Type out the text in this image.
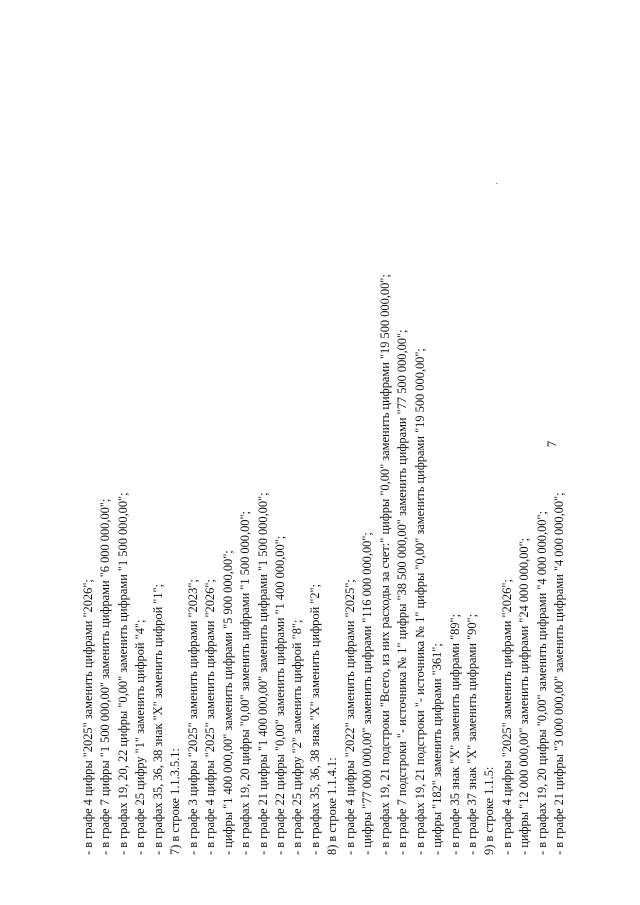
7
- в графе 4 цифры "2025" заменить цифрами "2026"; - в графе 7 цифры "1 500 000,00" заменить цифрами "6 000 000,00"; - в графах 19, 20, 22 цифры "0,00" заменить цифрами "1 500 000,00"; - в графе 25 цифру "1" заменить цифрой "4"; - в графах 35, 36, 38 знак "X" заменить цифрой "1"; 7) в строке 1.1.3.5.1: - в графе 3 цифры "2025" заменить цифрами "2023"; - в графе 4 цифры "2025" заменить цифрами "2026"; - цифры "1 400 000,00" заменить цифрами "5 900 000,00"; - в графах 19, 20 цифры "0,00" заменить цифрами "1 500 000,00"; - в графе 21 цифры "1 400 000,00" заменить цифрами "1 500 000,00"; - в графе 22 цифры "0,00" заменить цифрами "1 400 000,00"; - в графе 25 цифру "2" заменить цифрой "8"; - в графах 35, 36, 38 знак "X" заменить цифрой "2"; 8) в строке 1.1.4.1: - в графе 4 цифры "2022" заменить цифрами "2025"; - цифры "77 000 000,00" заменить цифрами "116 000 000,00"; - в графах 19, 21 подстроки "Всего, из них расходы за счет:" цифры "0,00" заменить цифрами "19 500 000,00"; - в графе 7 подстроки "- источника № 1" цифры "38 500 000,00" заменить цифрами "77 500 000,00"; - в графах 19, 21 подстроки "- источника № 1" цифры "0,00" заменить цифрами "19 500 000,00"; - цифры "182" заменить цифрами "361"; - в графе 35 знак "X" заменить цифрами "89"; - в графе 37 знак "X" заменить цифрами "90"; 9) в строке 1.1.5: - в графе 4 цифры "2025" заменить цифрами "2026"; - цифры "12 000 000,00" заменить цифрами "24 000 000,00"; - в графах 19, 20 цифры "0,00" заменить цифрами "4 000 000,00"; - в графе 21 цифры "3 000 000,00" заменить цифрами "4 000 000,00";
